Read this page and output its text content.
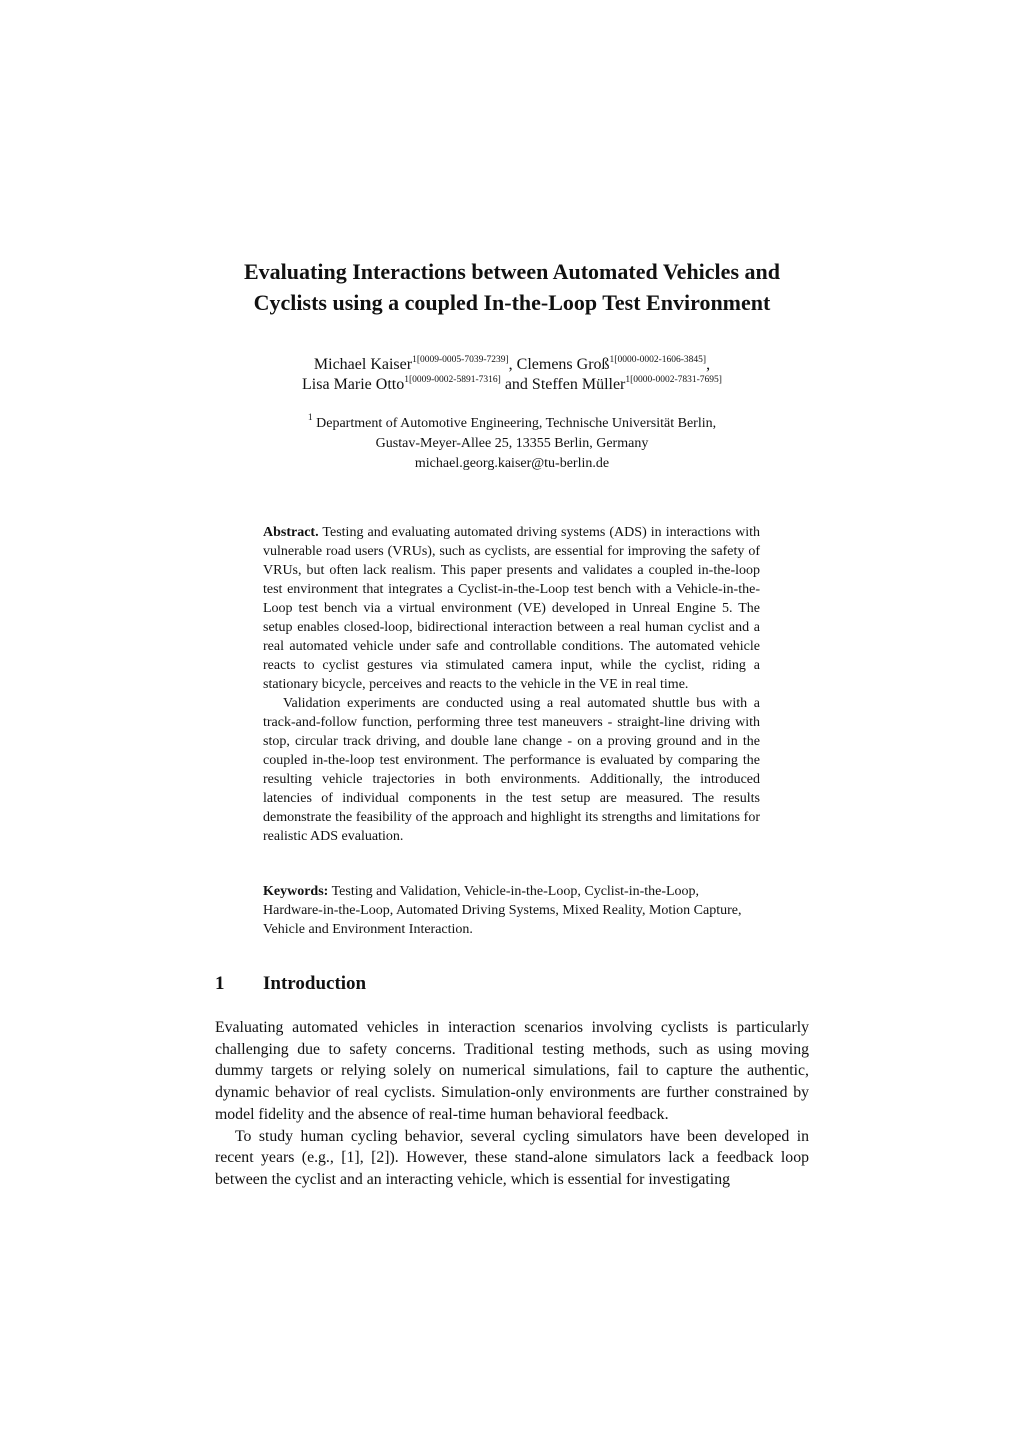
Evaluating Interactions between Automated Vehicles and
Cyclists using a coupled In-the-Loop Test Environment
Michael Kaiser$^{1[0009-0005-7039-7239]}$, Clemens Groß$^{1[0000-0002-1606-3845]}$,
Lisa Marie Otto$^{1[0009-0002-5891-7316]}$ and Steffen Müller$^{1[0000-0002-7831-7695]}$
$^1$ Department of Automotive Engineering, Technische Universität Berlin,
Gustav-Meyer-Allee 25, 13355 Berlin, Germany
michael.georg.kaiser@tu-berlin.de

Abstract. Testing and evaluating automated driving systems (ADS) in interactions with vulnerable road users (VRUs), such as cyclists, are essential for improving the safety of VRUs, but often lack realism. This paper presents and validates a coupled in-the-loop test environment that integrates a Cyclist-in-the-Loop test bench with a Vehicle-in-the-Loop test bench via a virtual environment (VE) developed in Unreal Engine 5. The setup enables closed-loop, bidirectional interaction between a real human cyclist and a real automated vehicle under safe and controllable conditions. The automated vehicle reacts to cyclist gestures via stimulated camera input, while the cyclist, riding a stationary bicycle, perceives and reacts to the vehicle in the VE in real time.

Validation experiments are conducted using a real automated shuttle bus with a track-and-follow function, performing three test maneuvers - straight-line driving with stop, circular track driving, and double lane change - on a proving ground and in the coupled in-the-loop test environment. The performance is evaluated by comparing the resulting vehicle trajectories in both environments. Additionally, the introduced latencies of individual components in the test setup are measured. The results demonstrate the feasibility of the approach and highlight its strengths and limitations for realistic ADS evaluation.

Keywords: Testing and Validation, Vehicle-in-the-Loop, Cyclist-in-the-Loop, Hardware-in-the-Loop, Automated Driving Systems, Mixed Reality, Motion Capture, Vehicle and Environment Interaction.
1 Introduction

Evaluating automated vehicles in interaction scenarios involving cyclists is particularly challenging due to safety concerns. Traditional testing methods, such as using moving dummy targets or relying solely on numerical simulations, fail to capture the authentic, dynamic behavior of real cyclists. Simulation-only environments are further constrained by model fidelity and the absence of real-time human behavioral feedback.

To study human cycling behavior, several cycling simulators have been developed in recent years (e.g., [1], [2]). However, these stand-alone simulators lack a feedback loop between the cyclist and an interacting vehicle, which is essential for investigating
